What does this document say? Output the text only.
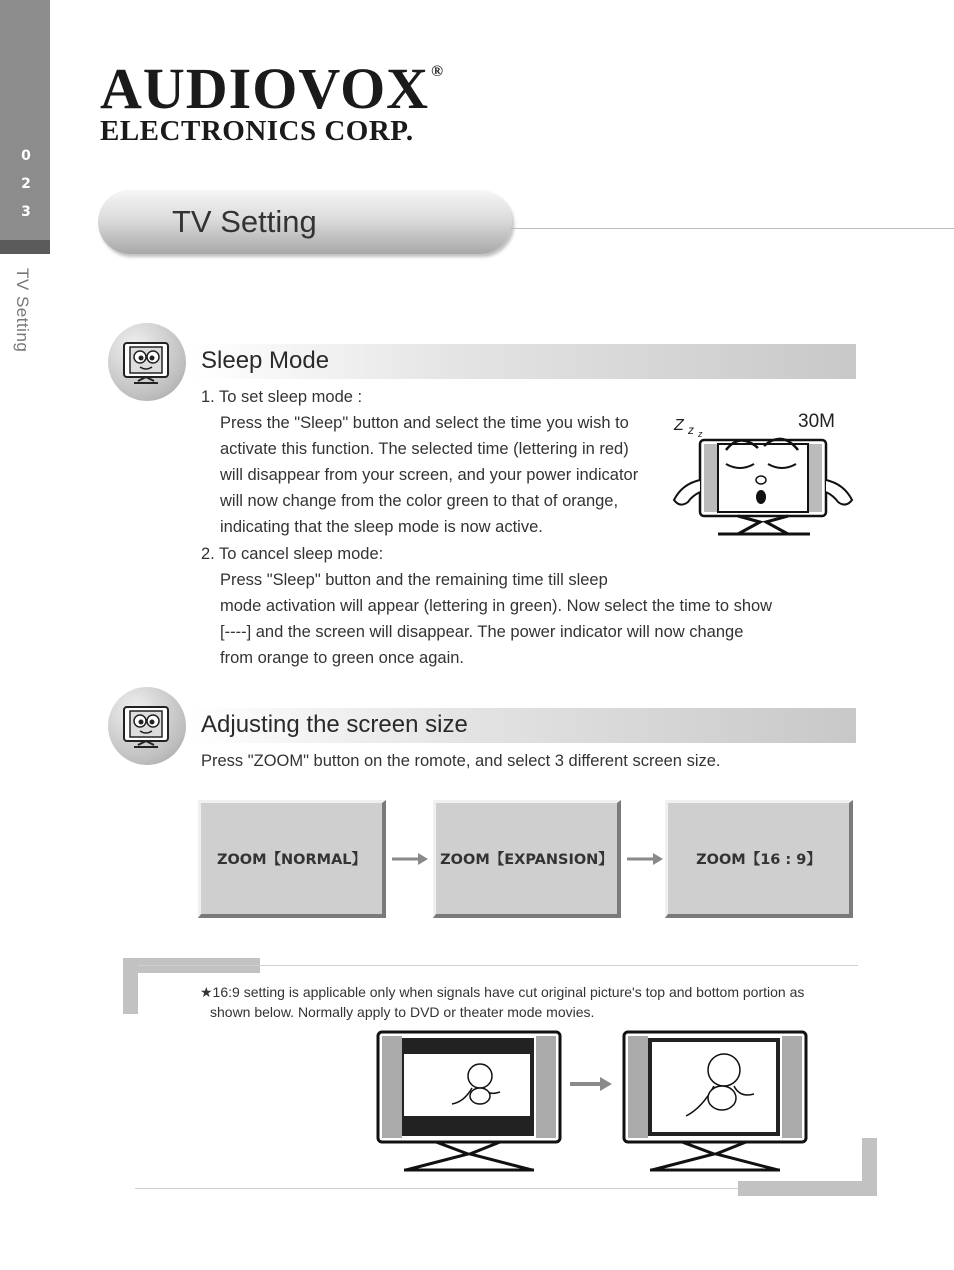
0
2
3
TV Setting
AUDIOVOX ®
ELECTRONICS CORP.
TV Setting
Sleep Mode
1. To set sleep mode :
Press the "Sleep" button and select the time you wish to
activate this function. The selected time (lettering in red)
will disappear from your screen, and your power indicator
will now change from the color green to that of orange,
indicating that the sleep mode is now active.
2. To cancel sleep mode:
Press "Sleep" button and the remaining time till sleep
mode activation will appear (lettering in green). Now select the time to show
[----] and the screen will disappear. The power indicator will now change
from orange to green once again.
Z z z
30M
Adjusting the screen size
Press "ZOOM" button on the romote, and select 3 different screen size.
ZOOM【NORMAL】	ZOOM【EXPANSION】	ZOOM【16 : 9】
★16:9 setting is applicable only when signals have cut original picture's top and bottom portion as
shown below. Normally apply to DVD or theater mode movies.
